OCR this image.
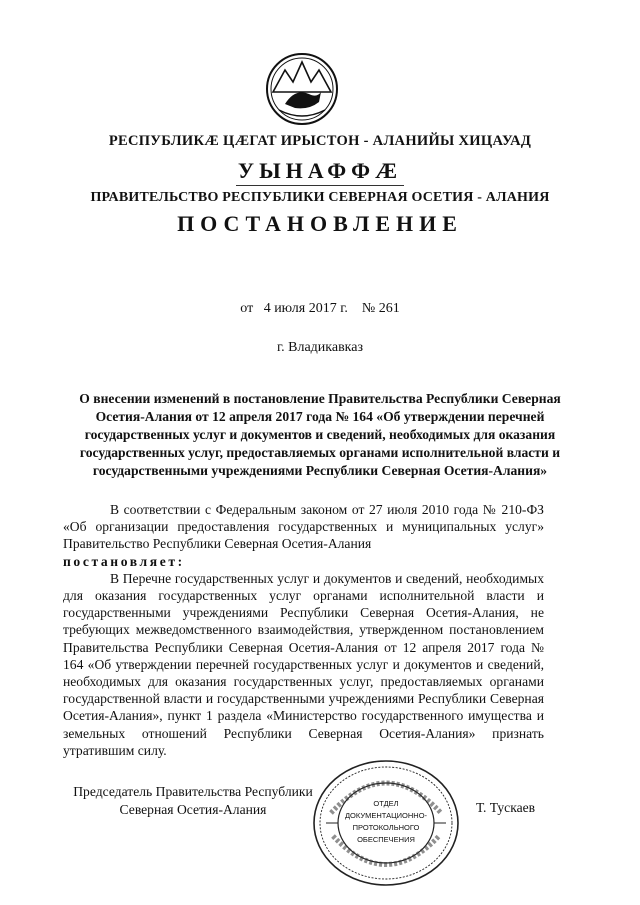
РЕСПУБЛИКÆ ЦÆГАТ ИРЫСТОН - АЛАНИЙЫ ХИЦАУАД
УЫНАФФÆ
ПРАВИТЕЛЬСТВО РЕСПУБЛИКИ СЕВЕРНАЯ ОСЕТИЯ - АЛАНИЯ
ПОСТАНОВЛЕНИЕ
от 4 июля 2017 г. № 261
г. Владикавказ
О внесении изменений в постановление Правительства Республики Северная Осетия-Алания от 12 апреля 2017 года № 164 «Об утверждении перечней государственных услуг и документов и сведений, необходимых для оказания государственных услуг, предоставляемых органами исполнительной власти и государственными учреждениями Республики Северная Осетия-Алания»

В соответствии с Федеральным законом от 27 июля 2010 года № 210-ФЗ «Об организации предоставления государственных и муниципальных услуг» Правительство Республики Северная Осетия-Алания

постановляет:

В Перечне государственных услуг и документов и сведений, необходимых для оказания государственных услуг органами исполнительной власти и государственными учреждениями Республики Северная Осетия-Алания, не требующих межведомственного взаимодействия, утвержденном постановлением Правительства Республики Северная Осетия-Алания от 12 апреля 2017 года № 164 «Об утверждении перечней государственных услуг и документов и сведений, необходимых для оказания государственных услуг, предоставляемых органами государственной власти и государственными учреждениями Республики Северная Осетия-Алания», пункт 1 раздела «Министерство государственного имущества и земельных отношений Республики Северная Осетия-Алания» признать утратившим силу.

Председатель Правительства Республики Северная Осетия-Алания	Т. Тускаев
ОТДЕЛ
ДОКУМЕНТАЦИОННО-
ПРОТОКОЛЬНОГО
ОБЕСПЕЧЕНИЯ
